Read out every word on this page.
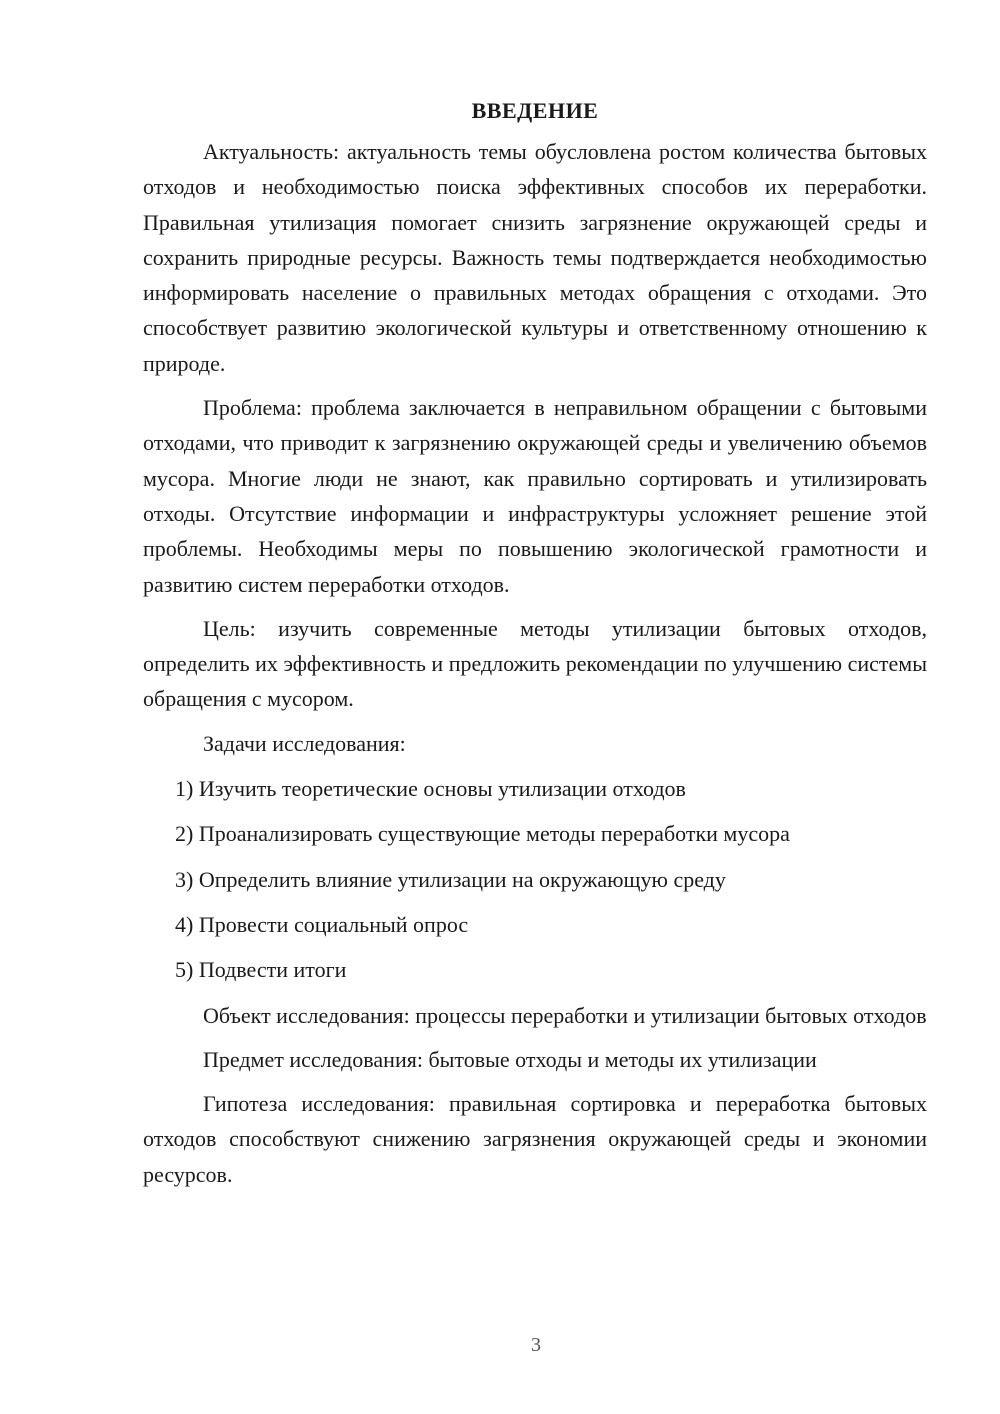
ВВЕДЕНИЕ

Актуальность: актуальность темы обусловлена ростом количества бытовых отходов и необходимостью поиска эффективных способов их переработки. Правильная утилизация помогает снизить загрязнение окружающей среды и сохранить природные ресурсы. Важность темы подтверждается необходимостью информировать население о правильных методах обращения с отходами. Это способствует развитию экологической культуры и ответственному отношению к природе.

Проблема: проблема заключается в неправильном обращении с бытовыми отходами, что приводит к загрязнению окружающей среды и увеличению объемов мусора. Многие люди не знают, как правильно сортировать и утилизировать отходы. Отсутствие информации и инфраструктуры усложняет решение этой проблемы. Необходимы меры по повышению экологической грамотности и развитию систем переработки отходов.

Цель: изучить современные методы утилизации бытовых отходов, определить их эффективность и предложить рекомендации по улучшению системы обращения с мусором.

Задачи исследования:

1) Изучить теоретические основы утилизации отходов
2) Проанализировать существующие методы переработки мусора
3) Определить влияние утилизации на окружающую среду
4) Провести социальный опрос
5) Подвести итоги

Объект исследования: процессы переработки и утилизации бытовых отходов

Предмет исследования: бытовые отходы и методы их утилизации

Гипотеза исследования: правильная сортировка и переработка бытовых отходов способствуют снижению загрязнения окружающей среды и экономии ресурсов.

3
